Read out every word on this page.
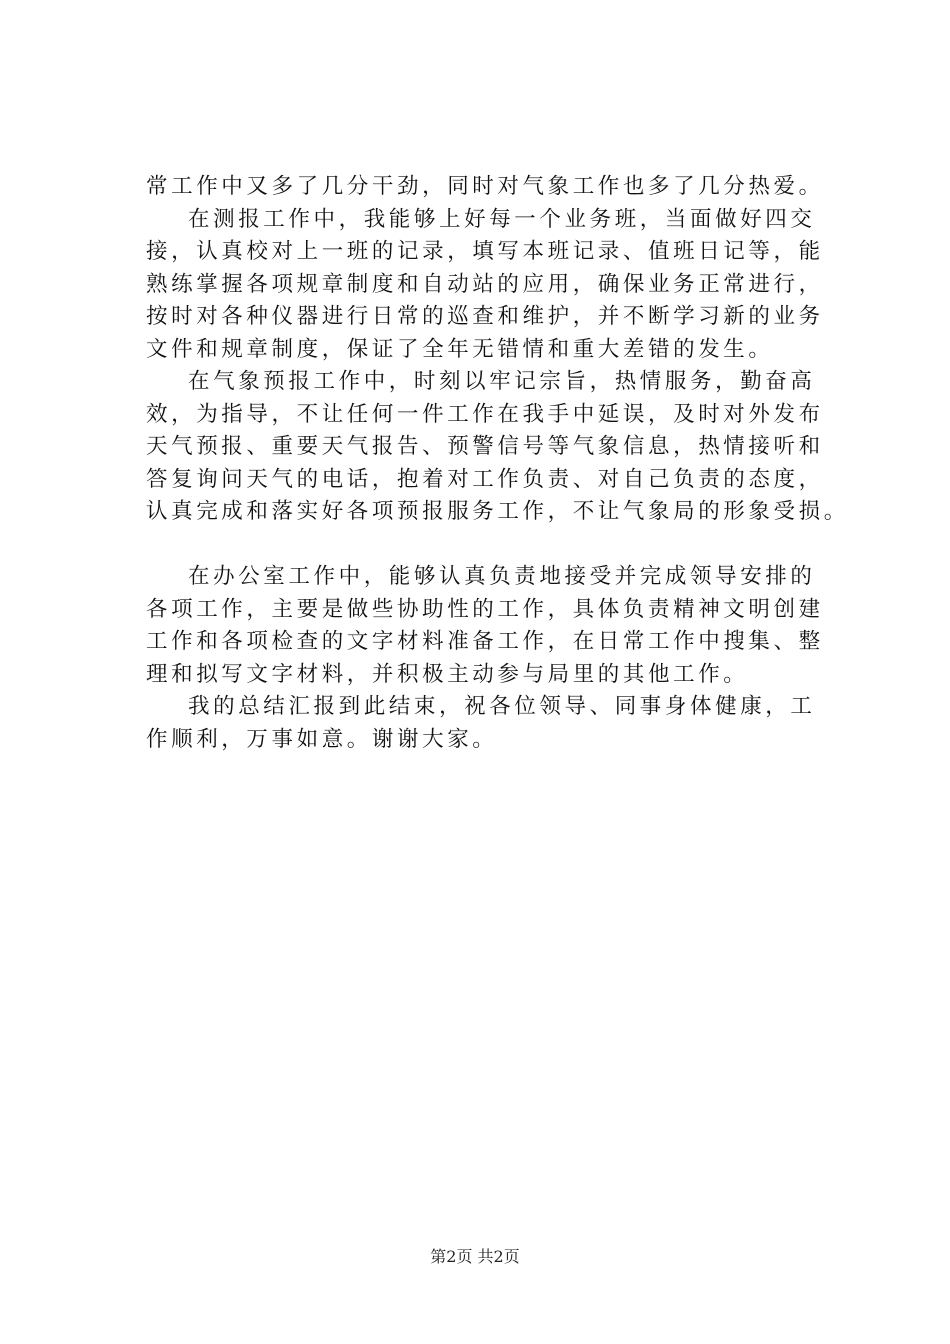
常工作中又多了几分干劲，同时对气象工作也多了几分热爱。
在测报工作中，我能够上好每一个业务班，当面做好四交
接，认真校对上一班的记录，填写本班记录、值班日记等，能
熟练掌握各项规章制度和自动站的应用，确保业务正常进行，
按时对各种仪器进行日常的巡查和维护，并不断学习新的业务
文件和规章制度，保证了全年无错情和重大差错的发生。
在气象预报工作中，时刻以牢记宗旨，热情服务，勤奋高
效，为指导，不让任何一件工作在我手中延误，及时对外发布
天气预报、重要天气报告、预警信号等气象信息，热情接听和
答复询问天气的电话，抱着对工作负责、对自己负责的态度，
认真完成和落实好各项预报服务工作，不让气象局的形象受损。
在办公室工作中，能够认真负责地接受并完成领导安排的
各项工作，主要是做些协助性的工作，具体负责精神文明创建
工作和各项检查的文字材料准备工作，在日常工作中搜集、整
理和拟写文字材料，并积极主动参与局里的其他工作。
我的总结汇报到此结束，祝各位领导、同事身体健康，工
作顺利，万事如意。谢谢大家。
第2页 共2页
